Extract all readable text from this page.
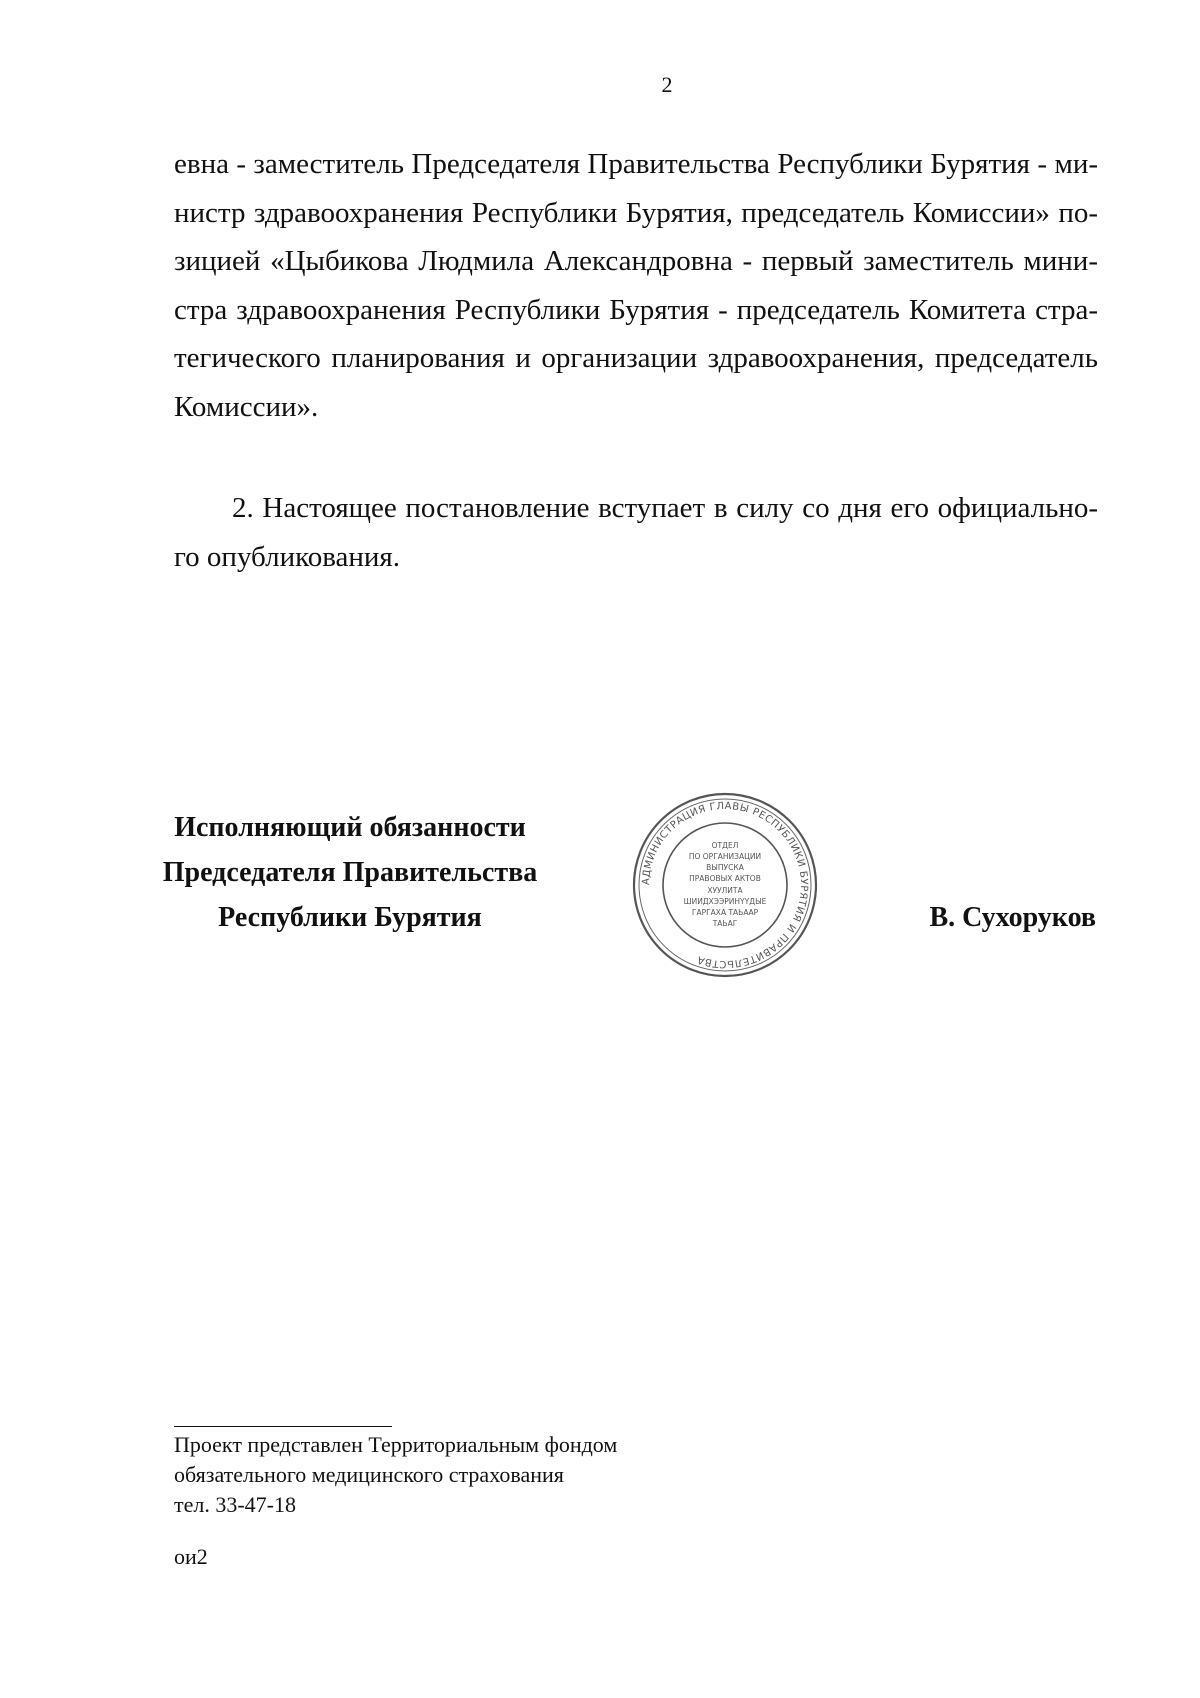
2
евна - заместитель Председателя Правительства Республики Бурятия - ми-
нистр здравоохранения Республики Бурятия, председатель Комиссии» по-
зицией «Цыбикова Людмила Александровна - первый заместитель мини-
стра здравоохранения Республики Бурятия - председатель Комитета стра-
тегического планирования и организации здравоохранения, председатель
Комиссии».
2. Настоящее постановление вступает в силу со дня его официально-
го опубликования.
Исполняющий обязанности
Председателя Правительства
Республики Бурятия
АДМИНИСТРАЦИЯ ГЛАВЫ РЕСПУБЛИКИ БУРЯТИЯ И ПРАВИТЕЛЬСТВА
ОТДЕЛ
ПО ОРГАНИЗАЦИИ
ВЫПУСКА
ПРАВОВЫХ АКТОВ
ХУУЛИТА
ШИИДХЭЭРИНҮҮДЫЕ
ГАРГАХА ТАЬААР
ТАЬАГ	В. Сухоруков
Проект представлен Территориальным фондом
обязательного медицинского страхования
тел. 33-47-18
ои2
